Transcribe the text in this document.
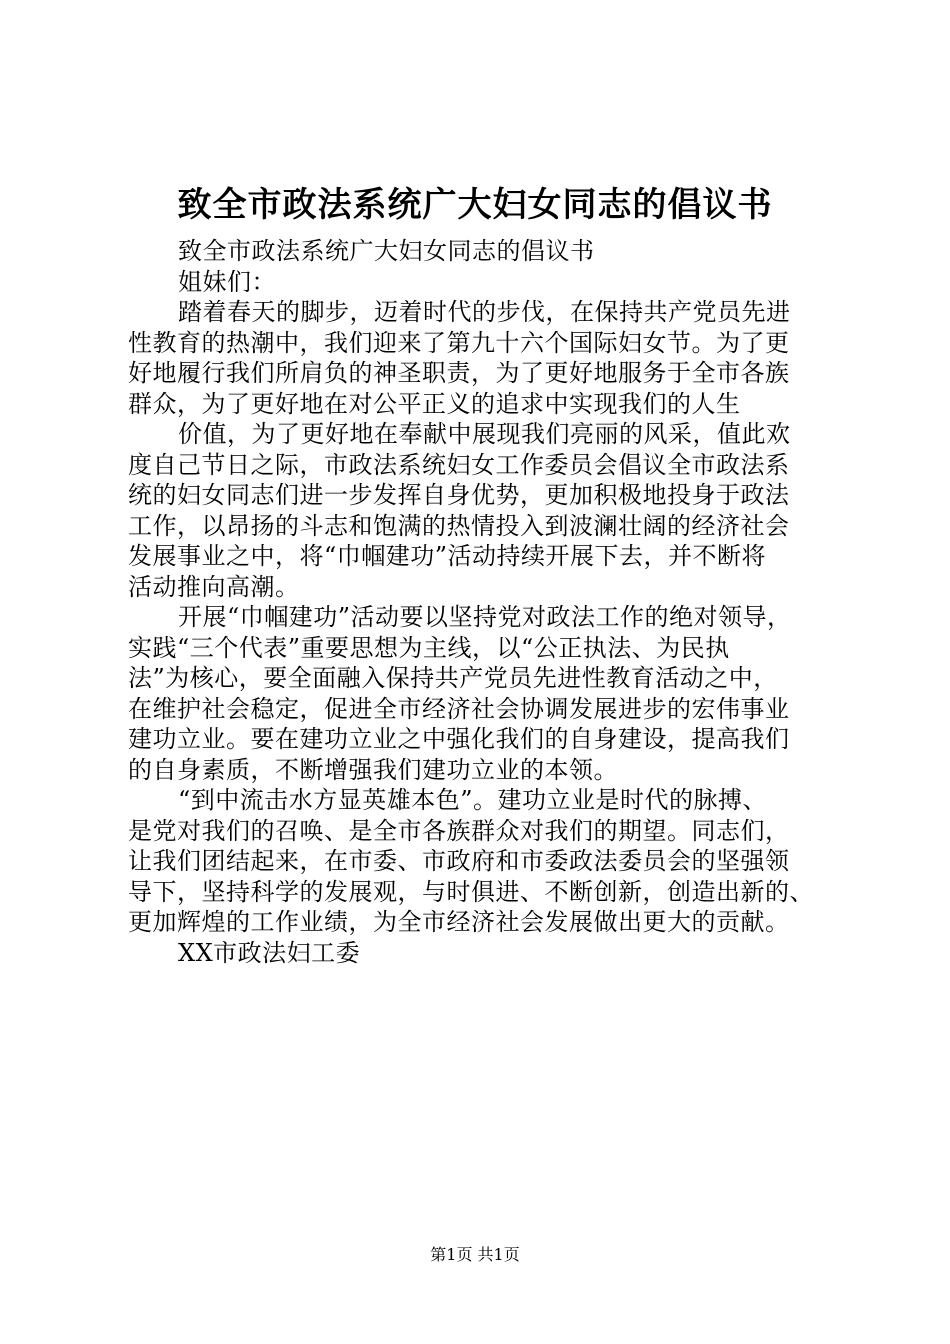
致全市政法系统广大妇女同志的倡议书
致全市政法系统广大妇女同志的倡议书
姐妹们：
踏着春天的脚步，迈着时代的步伐，在保持共产党员先进
性教育的热潮中，我们迎来了第九十六个国际妇女节。为了更
好地履行我们所肩负的神圣职责，为了更好地服务于全市各族
群众，为了更好地在对公平正义的追求中实现我们的人生
价值，为了更好地在奉献中展现我们亮丽的风采，值此欢
度自己节日之际，市政法系统妇女工作委员会倡议全市政法系
统的妇女同志们进一步发挥自身优势，更加积极地投身于政法
工作，以昂扬的斗志和饱满的热情投入到波澜壮阔的经济社会
发展事业之中，将“巾帼建功”活动持续开展下去，并不断将
活动推向高潮。
开展“巾帼建功”活动要以坚持党对政法工作的绝对领导，
实践“三个代表”重要思想为主线，以“公正执法、为民执
法”为核心，要全面融入保持共产党员先进性教育活动之中，
在维护社会稳定，促进全市经济社会协调发展进步的宏伟事业
建功立业。要在建功立业之中强化我们的自身建设，提高我们
的自身素质，不断增强我们建功立业的本领。
“到中流击水方显英雄本色”。建功立业是时代的脉搏、
是党对我们的召唤、是全市各族群众对我们的期望。同志们，
让我们团结起来，在市委、市政府和市委政法委员会的坚强领
导下，坚持科学的发展观，与时俱进、不断创新，创造出新的、
更加辉煌的工作业绩，为全市经济社会发展做出更大的贡献。
XX市政法妇工委
第1页 共1页
